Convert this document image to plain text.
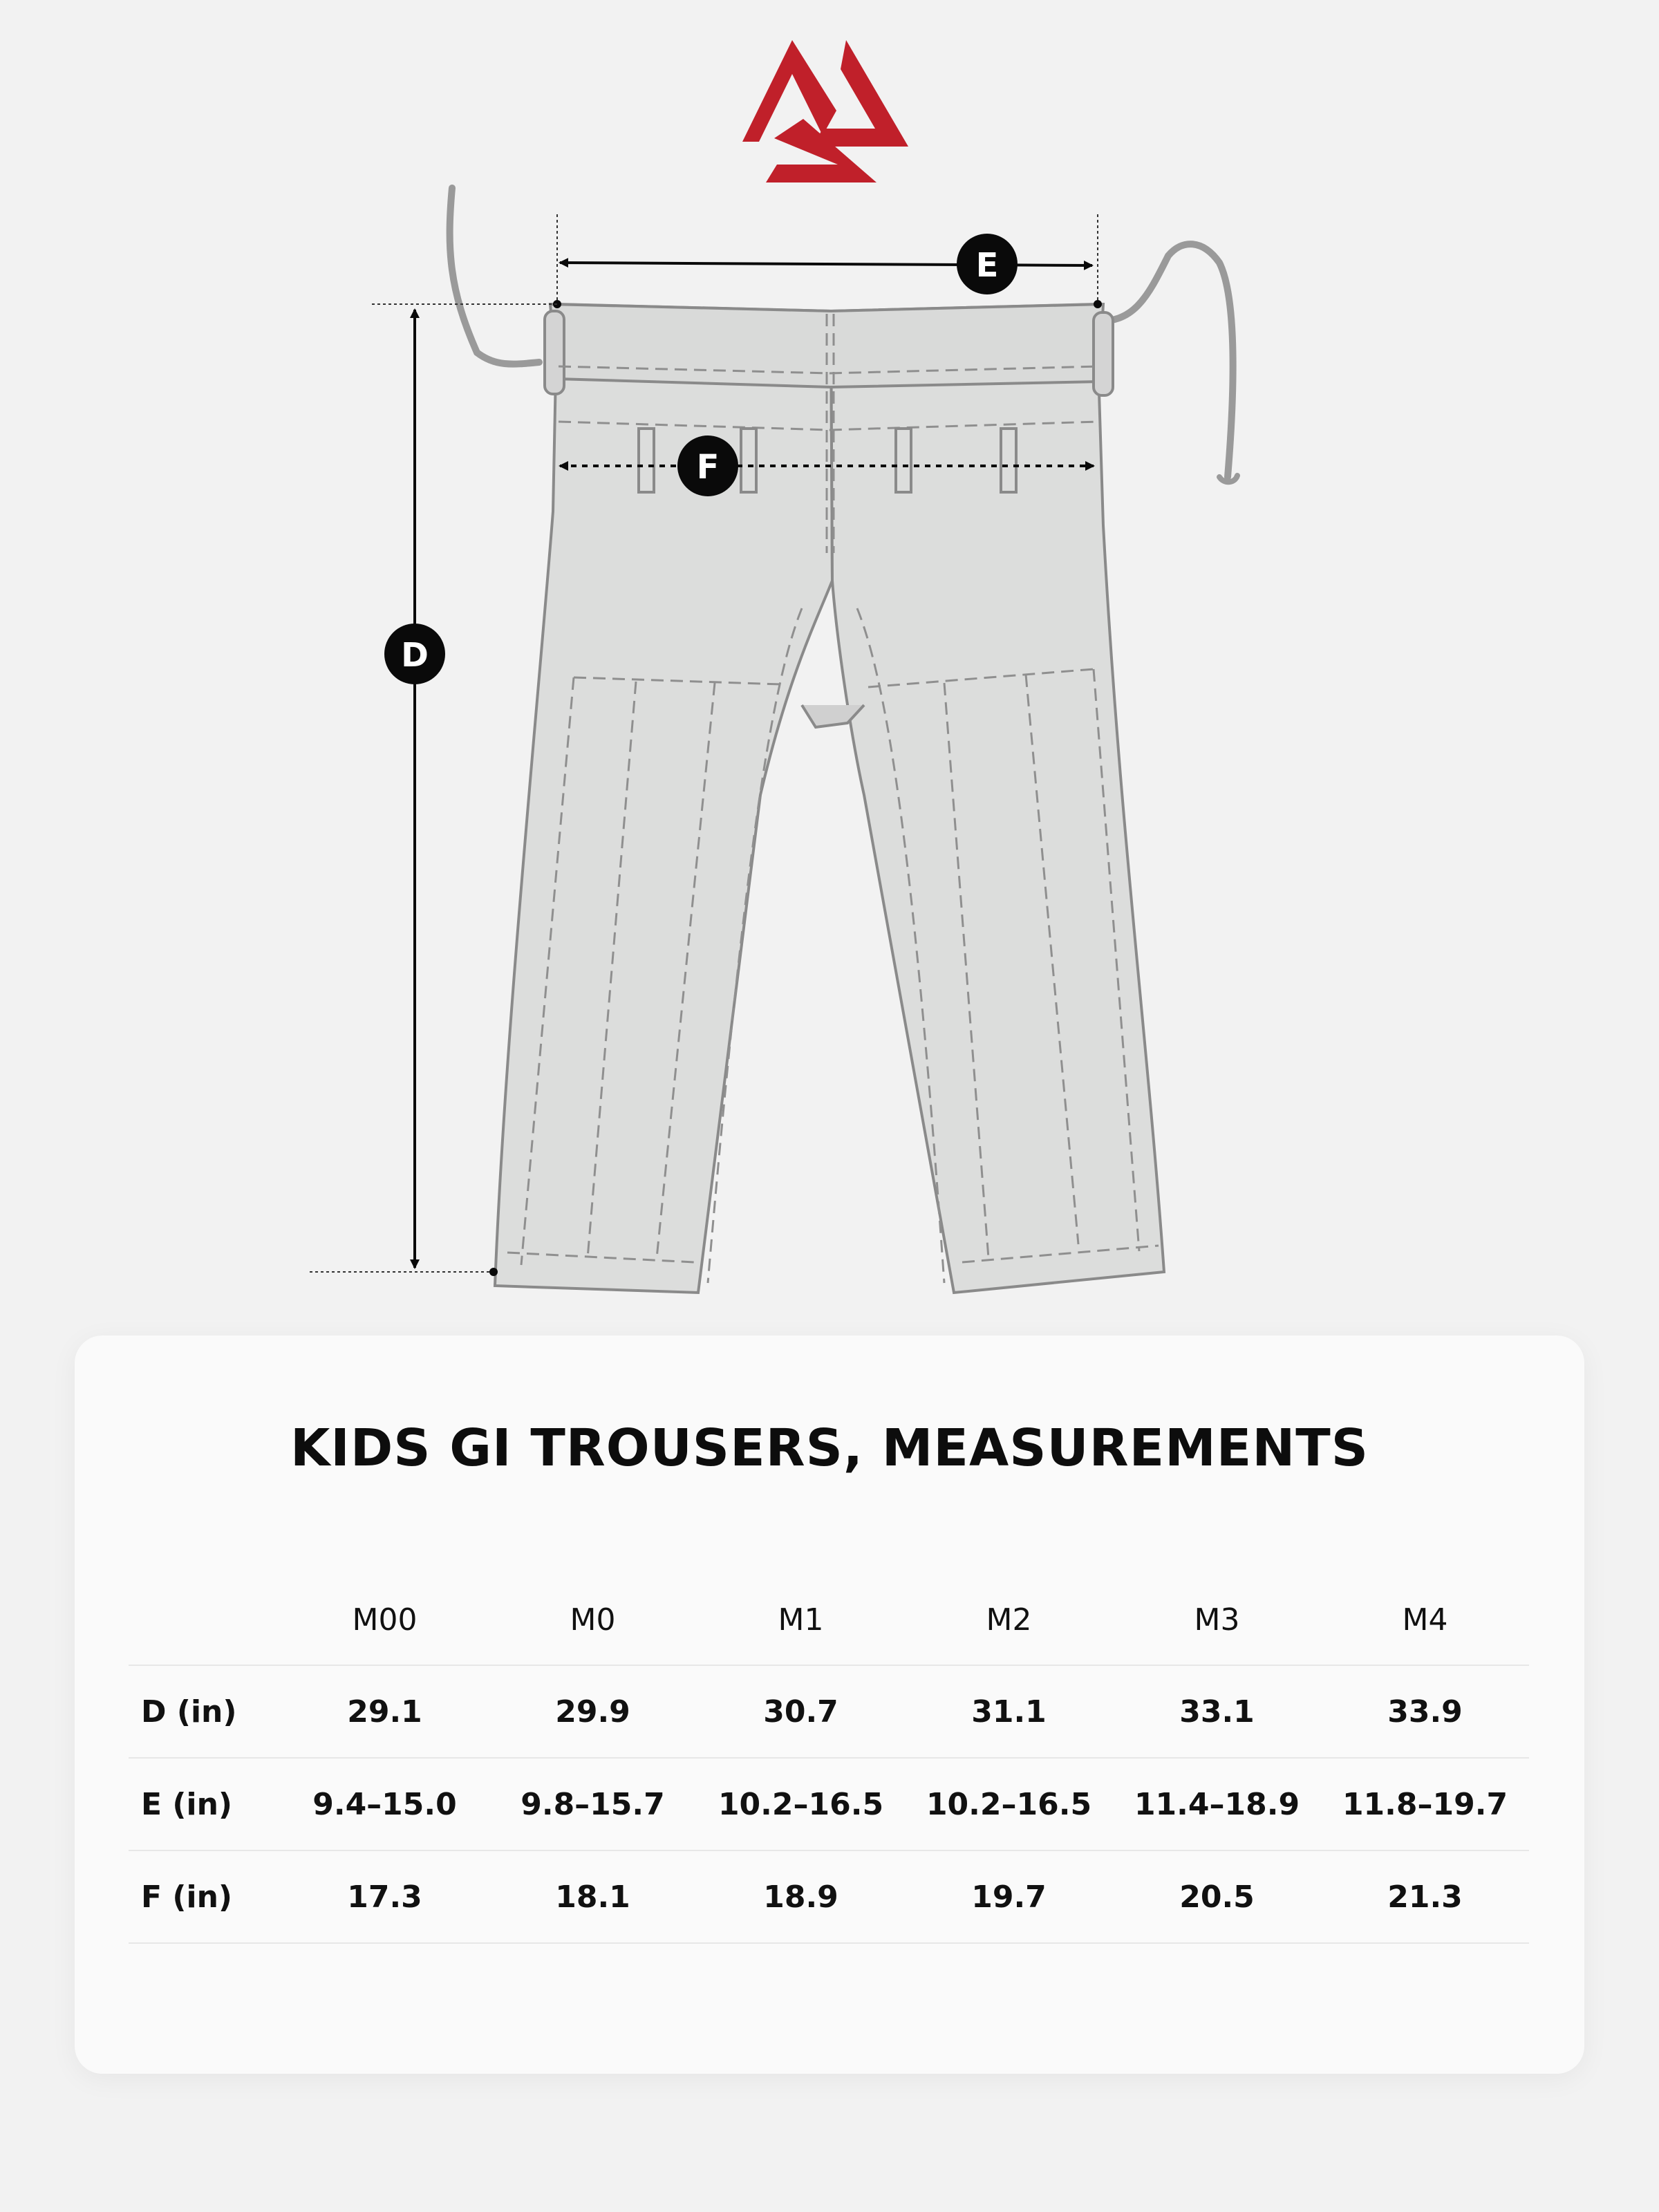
E
F
D
KIDS GI TROUSERS, MEASUREMENTS
	M00	M0	M1	M2	M3	M4
D (in)	29.1	29.9	30.7	31.1	33.1	33.9
E (in)	9.4–15.0	9.8–15.7	10.2–16.5	10.2–16.5	11.4–18.9	11.8–19.7
F (in)	17.3	18.1	18.9	19.7	20.5	21.3
